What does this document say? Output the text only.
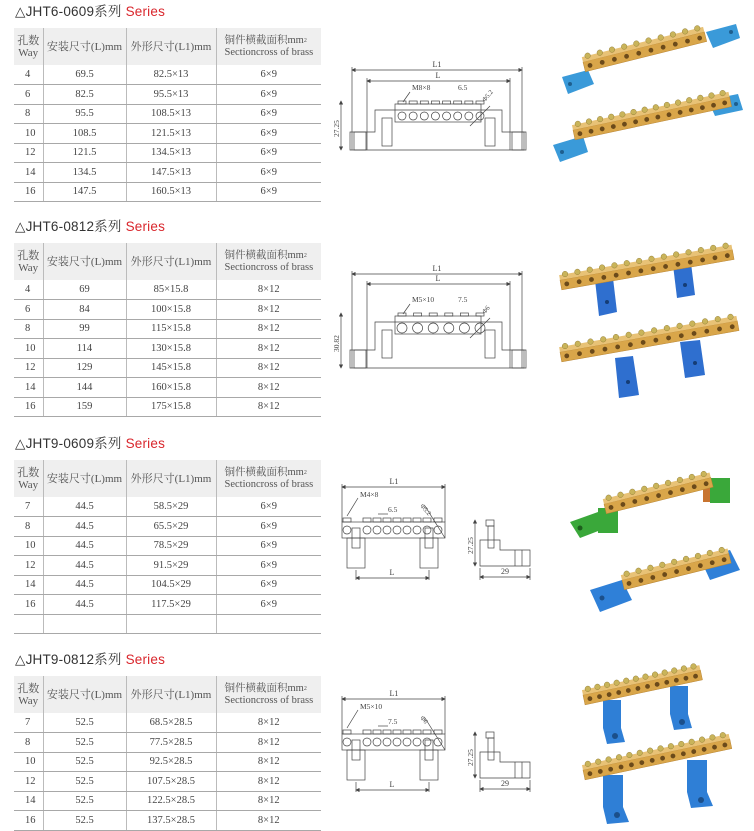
△JHT6-0609系列 Series
孔数
Way	安装尺寸(L)mm	外形尺寸(L1)mm	铜件横截面积$mm^2$
Sectioncross of brass
4	69.5	82.5×13	6×9
6	82.5	95.5×13	6×9
8	95.5	108.5×13	6×9
10	108.5	121.5×13	6×9
12	121.5	134.5×13	6×9
14	134.5	147.5×13	6×9
16	147.5	160.5×13	6×9
L1
L
27.25
M8×8	6.5
Φ5.2
△JHT6-0812系列 Series
孔数
Way	安装尺寸(L)mm	外形尺寸(L1)mm	铜件横截面积$mm^2$
Sectioncross of brass
4	69	85×15.8	8×12
6	84	100×15.8	8×12
8	99	115×15.8	8×12
10	114	130×15.8	8×12
12	129	145×15.8	8×12
14	144	160×15.8	8×12
16	159	175×15.8	8×12
L1
L
30.82
M5×10	7.5
Φ6
△JHT9-0609系列 Series
孔数
Way	安装尺寸(L)mm	外形尺寸(L1)mm	铜件横截面积$mm^2$
Sectioncross of brass
7	44.5	58.5×29	6×9
8	44.5	65.5×29	6×9
10	44.5	78.5×29	6×9
12	44.5	91.5×29	6×9
14	44.5	104.5×29	6×9
16	44.5	117.5×29	6×9

L1
L
M4×8
6.5	Φ5.2
27.25
29
△JHT9-0812系列 Series
孔数
Way	安装尺寸(L)mm	外形尺寸(L1)mm	铜件横截面积$mm^2$
Sectioncross of brass
7	52.5	68.5×28.5	8×12
8	52.5	77.5×28.5	8×12
10	52.5	92.5×28.5	8×12
12	52.5	107.5×28.5	8×12
14	52.5	122.5×28.5	8×12
16	52.5	137.5×28.5	8×12
L1
L
M5×10
7.5	Φ6
27.25
29
